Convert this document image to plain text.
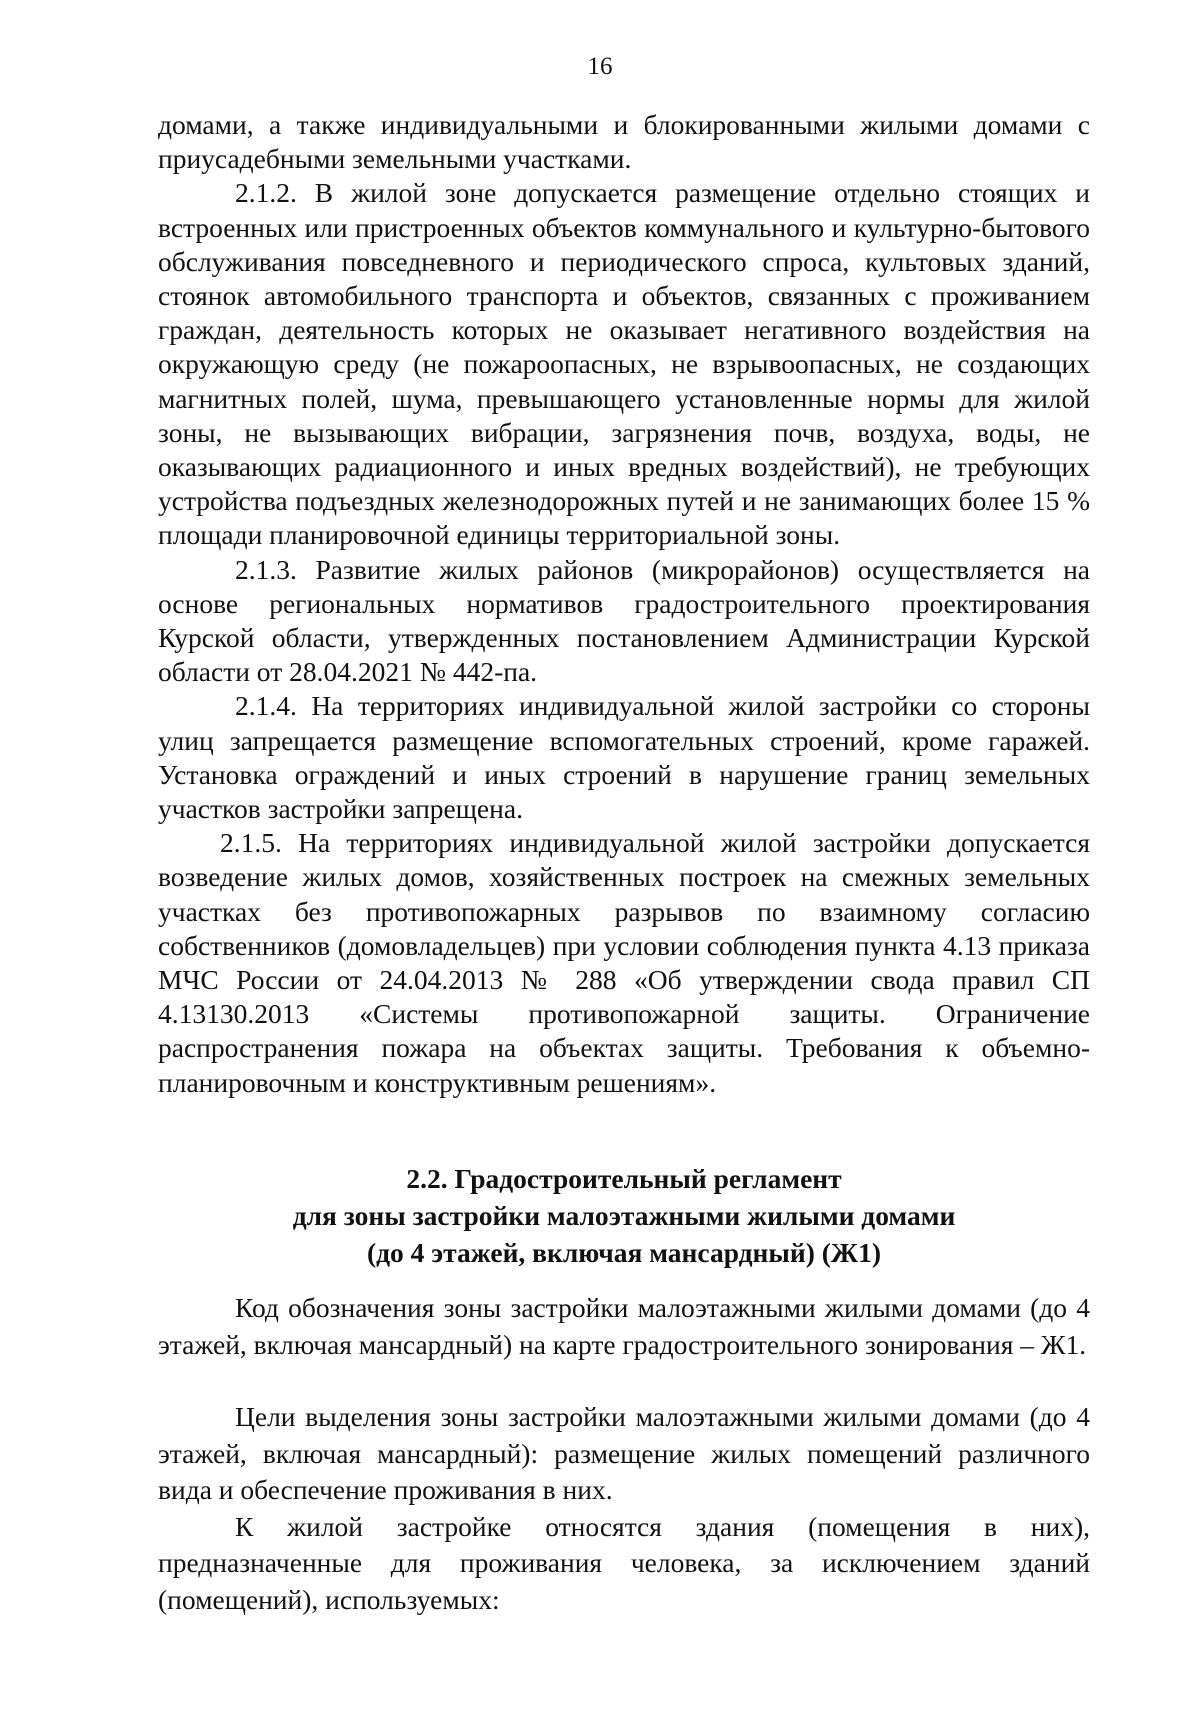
16

домами, а также индивидуальными и блокированными жилыми домами с приусадебными земельными участками.

2.1.2. В жилой зоне допускается размещение отдельно стоящих и встроенных или пристроенных объектов коммунального и культурно-бытового обслуживания повседневного и периодического спроса, культовых зданий, стоянок автомобильного транспорта и объектов, связанных с проживанием граждан, деятельность которых не оказывает негативного воздействия на окружающую среду (не пожароопасных, не взрывоопасных, не создающих магнитных полей, шума, превышающего установленные нормы для жилой зоны, не вызывающих вибрации, загрязнения почв, воздуха, воды, не оказывающих радиационного и иных вредных воздействий), не требующих устройства подъездных железнодорожных путей и не занимающих более 15 % площади планировочной единицы территориальной зоны.

2.1.3. Развитие жилых районов (микрорайонов) осуществляется на основе региональных нормативов градостроительного проектирования Курской области, утвержденных постановлением Администрации Курской области от 28.04.2021 № 442-па.

2.1.4. На территориях индивидуальной жилой застройки со стороны улиц запрещается размещение вспомогательных строений, кроме гаражей. Установка ограждений и иных строений в нарушение границ земельных участков застройки запрещена.

2.1.5. На территориях индивидуальной жилой застройки допускается возведение жилых домов, хозяйственных построек на смежных земельных участках без противопожарных разрывов по взаимному согласию собственников (домовладельцев) при условии соблюдения пункта 4.13 приказа МЧС России от 24.04.2013 № 288 «Об утверждении свода правил СП 4.13130.2013 «Системы противопожарной защиты. Ограничение распространения пожара на объектах защиты. Требования к объемно-планировочным и конструктивным решениям».

2.2. Градостроительный регламент
для зоны застройки малоэтажными жилыми домами
(до 4 этажей, включая мансардный) (Ж1)

Код обозначения зоны застройки малоэтажными жилыми домами (до 4 этажей, включая мансардный) на карте градостроительного зонирования – Ж1.

Цели выделения зоны застройки малоэтажными жилыми домами (до 4 этажей, включая мансардный): размещение жилых помещений различного вида и обеспечение проживания в них.

К жилой застройке относятся здания (помещения в них), предназначенные для проживания человека, за исключением зданий (помещений), используемых:
